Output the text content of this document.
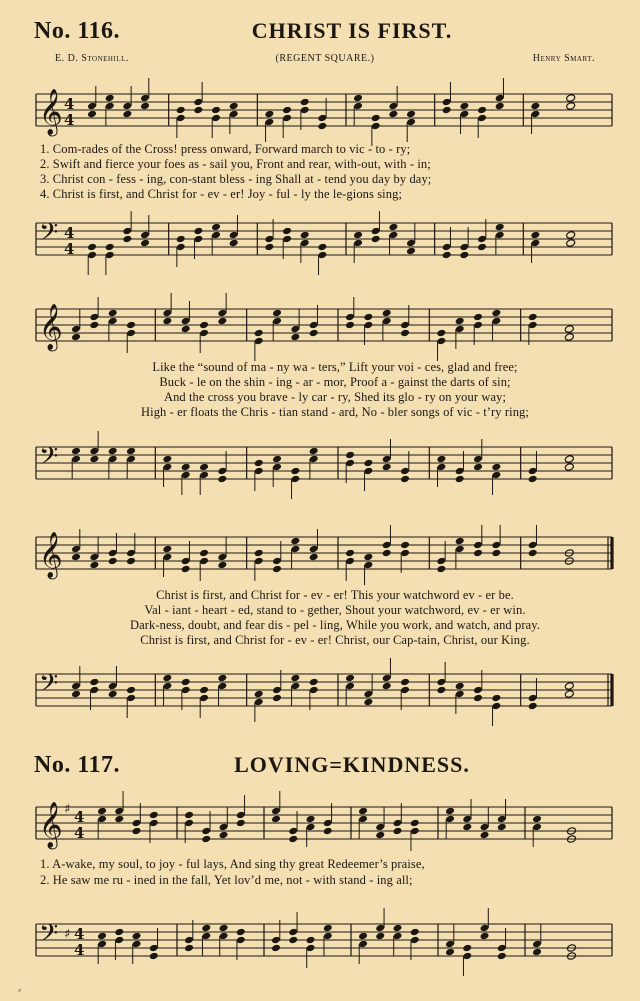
No. 116.	CHRIST IS FIRST.
E. D. Stonehill.	(REGENT SQUARE.)	Henry Smart.
𝄞 4
4
1. Com-rades of the Cross! press onward, Forward march to vic - to - ry;
2. Swift and fierce your foes as - sail you, Front and rear, with-out, with - in;
3. Christ con - fess - ing, con-stant bless - ing Shall at - tend you day by day;
4. Christ is first, and Christ for - ev - er! Joy - ful - ly the le-gions sing;
𝄢 4
4
𝄞
Like the “sound of ma - ny wa - ters,” Lift your voi - ces, glad and free;
Buck - le on the shin - ing - ar - mor, Proof a - gainst the darts of sin;
And the cross you brave - ly car - ry, Shed its glo - ry on your way;
High - er floats the Chris - tian stand - ard, No - bler songs of vic - t’ry ring;
𝄢
𝄞
Christ is first, and Christ for - ev - er! This your watchword ev - er be.
Val - iant - heart - ed, stand to - gether, Shout your watchword, ev - er win.
Dark-ness, doubt, and fear dis - pel - ling, While you work, and watch, and pray.
Christ is first, and Christ for - ev - er! Christ, our Cap-tain, Christ, our King.
𝄢
No. 117.	LOVING=KINDNESS.
𝄞 ♯ 4
4
1. A-wake, my soul, to joy - ful lays, And sing thy great Redeemer’s praise,
2. He saw me ru - ined in the fall, Yet lov’d me, not - with stand - ing all;
𝄢 ♯ 4
4
⸗
